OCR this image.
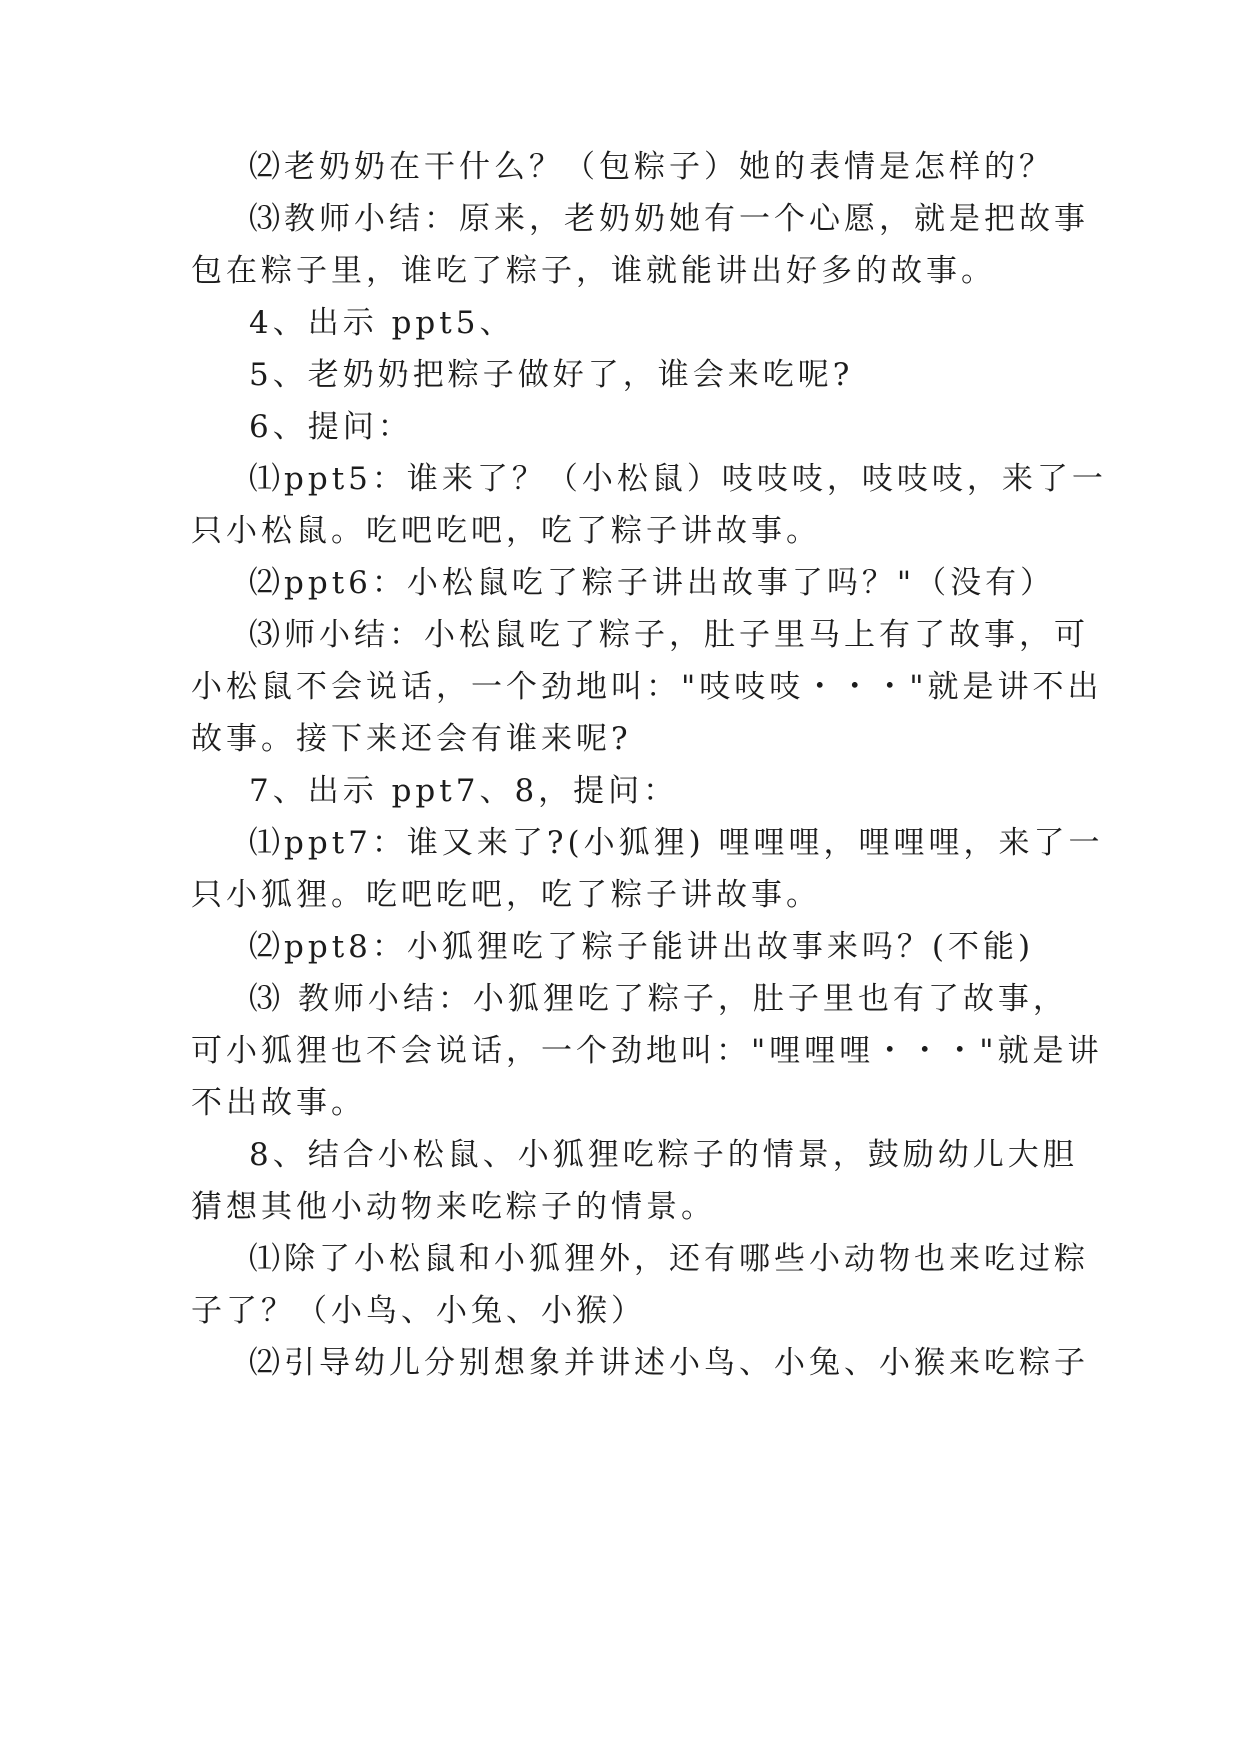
⑵老奶奶在干什么？（包粽子）她的表情是怎样的？
⑶教师小结：原来，老奶奶她有一个心愿，就是把故事
包在粽子里，谁吃了粽子，谁就能讲出好多的故事。
4、出示 ppt5、
5、老奶奶把粽子做好了，谁会来吃呢?
6、提问：
⑴ppt5：谁来了？（小松鼠）吱吱吱，吱吱吱，来了一
只小松鼠。吃吧吃吧，吃了粽子讲故事。
⑵ppt6：小松鼠吃了粽子讲出故事了吗？"（没有）
⑶师小结：小松鼠吃了粽子，肚子里马上有了故事，可
小松鼠不会说话，一个劲地叫："吱吱吱・・・"就是讲不出
故事。接下来还会有谁来呢?
7、出示 ppt7、8，提问：
⑴ppt7：谁又来了?(小狐狸) 哩哩哩，哩哩哩，来了一
只小狐狸。吃吧吃吧，吃了粽子讲故事。
⑵ppt8：小狐狸吃了粽子能讲出故事来吗？(不能)
⑶ 教师小结：小狐狸吃了粽子，肚子里也有了故事，
可小狐狸也不会说话，一个劲地叫："哩哩哩・・・"就是讲
不出故事。
8、结合小松鼠、小狐狸吃粽子的情景，鼓励幼儿大胆
猜想其他小动物来吃粽子的情景。
⑴除了小松鼠和小狐狸外，还有哪些小动物也来吃过粽
子了？（小鸟、小兔、小猴）
⑵引导幼儿分别想象并讲述小鸟、小兔、小猴来吃粽子
